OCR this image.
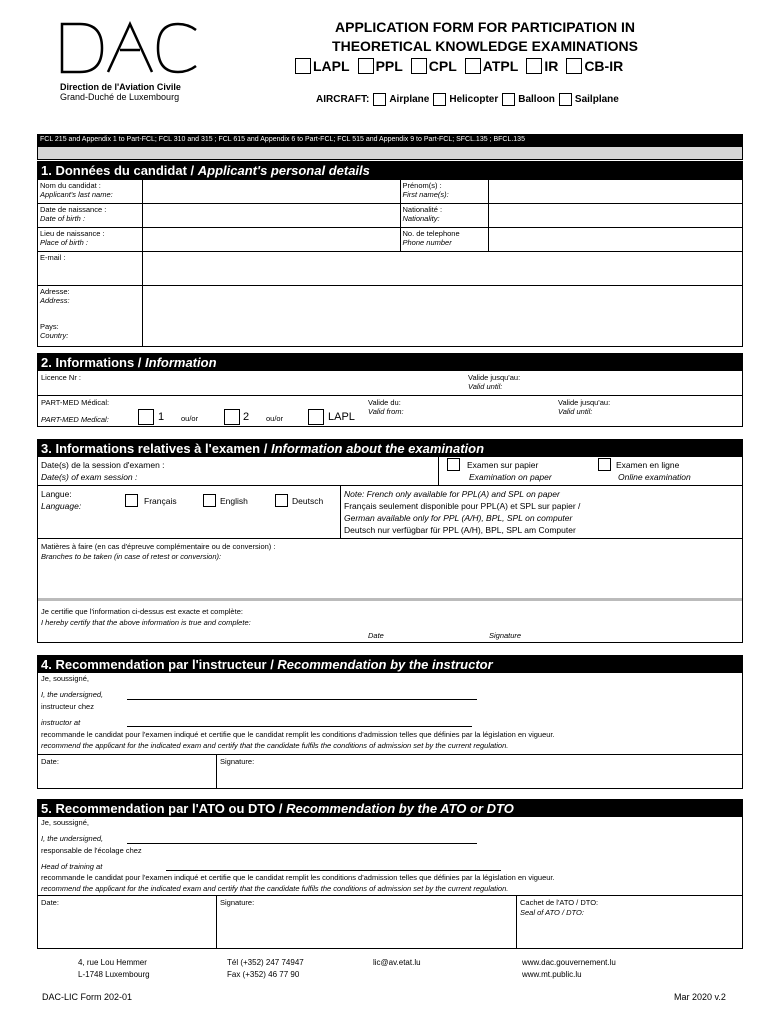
Direction de l'Aviation Civile
Grand-Duché de Luxembourg
APPLICATION FORM FOR PARTICIPATION IN
THEORETICAL KNOWLEDGE EXAMINATIONS
LAPL PPL CPL ATPL IR CB-IR
AIRCRAFT: Airplane Helicopter Balloon Sailplane
FCL 215 and Appendix 1 to Part-FCL; FCL 310 and 315 ; FCL 615 and Appendix 6 to Part-FCL; FCL 515 and Appendix 9 to Part-FCL; SFCL.135 ; BFCL.135
1. Données du candidat / Applicant's personal details
Nom du candidat :
Applicant's last name:		Prénom(s) :
First name(s):	

Date de naissance :
Date of birth :		Nationalité :
Nationality:	

Lieu de naissance :
Place of birth :		No. de telephone
Phone number	

E-mail :			

Adresse:
Address:
Pays:
Country:			
2. Informations / Information
Licence Nr :	Valide jusqu'au:
Valid until:
PART-MED Médical:
PART-MED Medical:	1 ou/or	2 ou/or	LAPL
Valide du:
Valid from:
Valide jusqu'au:
Valid until:
3. Informations relatives à l'examen / Information about the examination
Date(s) de la session d'examen :
Date(s) of exam session :
Examen sur papier
Examination on paper
Examen en ligne
Online examination
Langue:
Language:	Français	English	Deutsch
Note: French only available for PPL(A) and SPL on paper
Français seulement disponible pour PPL(A) et SPL sur papier /
German available only for PPL (A/H), BPL, SPL on computer
Deutsch nur verfügbar für PPL (A/H), BPL, SPL am Computer
Matières à faire (en cas d'épreuve complémentaire ou de conversion) :
Branches to be taken (in case of retest or conversion):
Je certifie que l'information ci-dessus est exacte et complète:
I hereby certify that the above information is true and complete:
Date	Signature
4. Recommendation par l'instructeur / Recommendation by the instructor
Je, soussigné,
I, the undersigned,
instructeur chez
instructor at
recommande le candidat pour l'examen indiqué et certifie que le candidat remplit les conditions d'admission telles que définies par la législation en vigueur.
recommend the applicant for the indicated exam and certify that the candidate fulfils the conditions of admission set by the current regulation.
Date:	Signature:
5. Recommendation par l'ATO ou DTO / Recommendation by the ATO or DTO
Je, soussigné,
I, the undersigned,
responsable de l'écolage chez
Head of training at
recommande le candidat pour l'examen indiqué et certifie que le candidat remplit les conditions d'admission telles que définies par la législation en vigueur.
recommend the applicant for the indicated exam and certify that the candidate fulfils the conditions of admission set by the current regulation.
Date:	Signature:	Cachet de l'ATO / DTO:
Seal of ATO / DTO:
4, rue Lou Hemmer
L-1748 Luxembourg
Tél (+352) 247 74947
Fax (+352) 46 77 90
lic@av.etat.lu	www.dac.gouvernement.lu
www.mt.public.lu
DAC-LIC Form 202-01	Mar 2020 v.2
